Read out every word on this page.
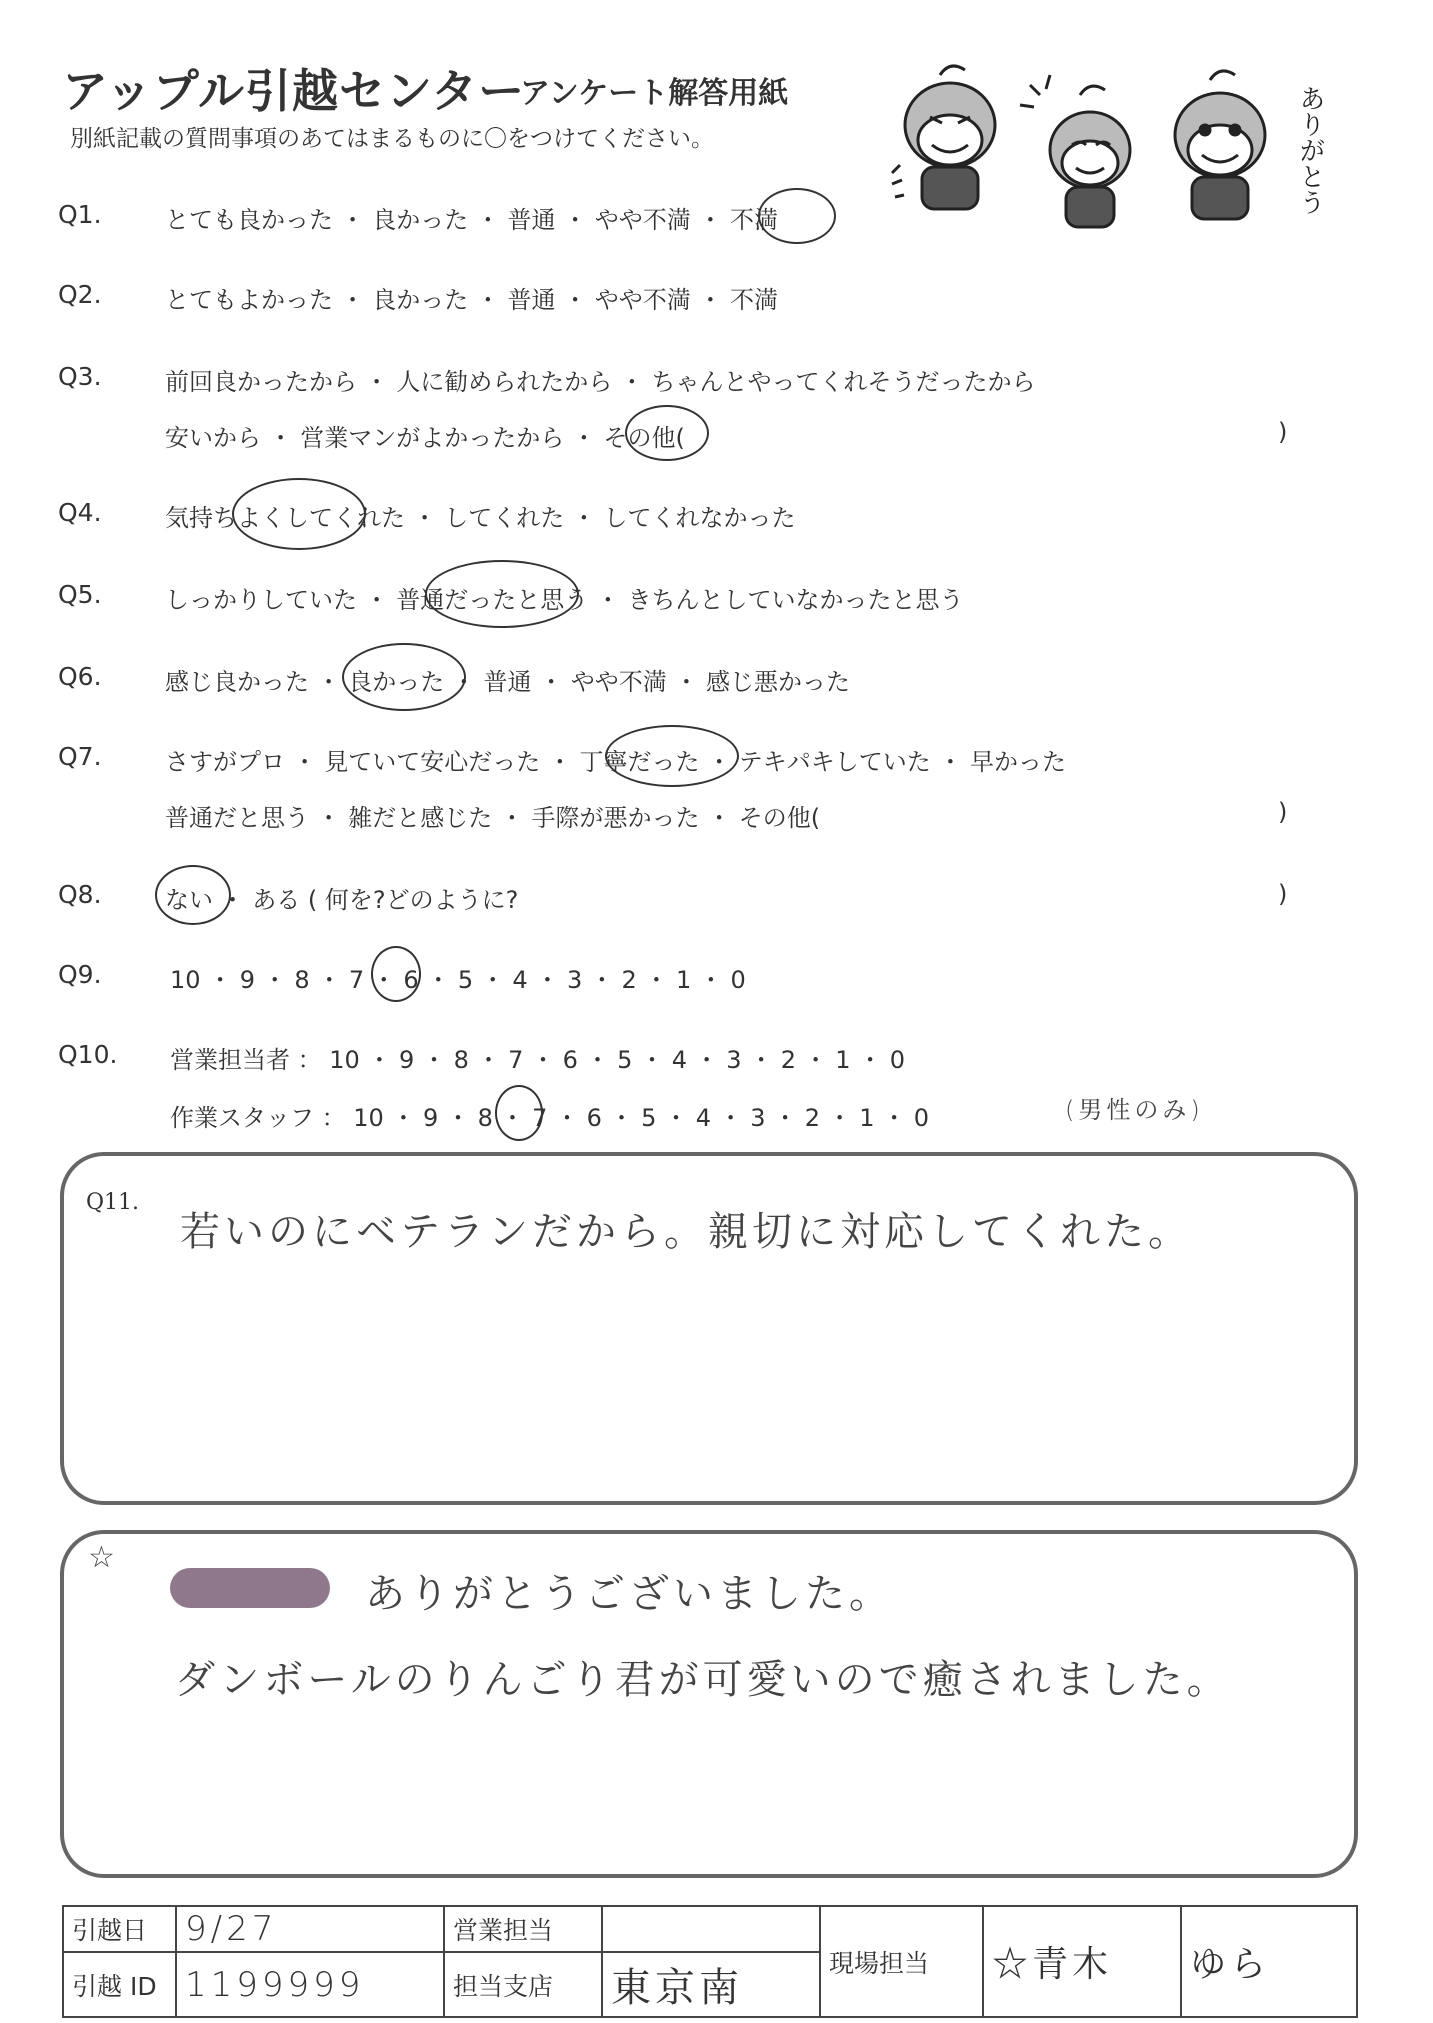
アップル引越センター
アンケート解答用紙
別紙記載の質問事項のあてはまるものに〇をつけてください。	ありがとう
Q1.	とても良かった ・ 良かった ・ 普通 ・ やや不満 ・ 不満
Q2.	とてもよかった ・ 良かった ・ 普通 ・ やや不満 ・ 不満
Q3.	前回良かったから ・ 人に勧められたから ・ ちゃんとやってくれそうだったから
安いから ・ 営業マンがよかったから ・ その他(	)
Q4.	気持ちよくしてくれた ・ してくれた ・ してくれなかった
Q5.	しっかりしていた ・ 普通だったと思う ・ きちんとしていなかったと思う
Q6.	感じ良かった ・ 良かった ・ 普通 ・ やや不満 ・ 感じ悪かった
Q7.	さすがプロ ・ 見ていて安心だった ・ 丁寧だった ・ テキパキしていた ・ 早かった
普通だと思う ・ 雑だと感じた ・ 手際が悪かった ・ その他(	)
Q8.	ない ・ ある ( 何を?どのように?	)
Q9.	10 ・ 9 ・ 8 ・ 7 ・ 6 ・ 5 ・ 4 ・ 3 ・ 2 ・ 1 ・ 0
Q10. 営業担当者 ： 10 ・ 9 ・ 8 ・ 7 ・ 6 ・ 5 ・ 4 ・ 3 ・ 2 ・ 1 ・ 0
作業スタッフ ： 10 ・ 9 ・ 8 ・ 7 ・ 6 ・ 5 ・ 4 ・ 3 ・ 2 ・ 1 ・ 0	(男性のみ)
Q11.
若いのにベテランだから。親切に対応してくれた。
☆
ありがとうございました。
ダンボールのりんごり君が可愛いので癒されました。
引越日	9/27	営業担当		現場担当	☆青木	ゆら
引越 ID	1199999	担当支店	東京南			
